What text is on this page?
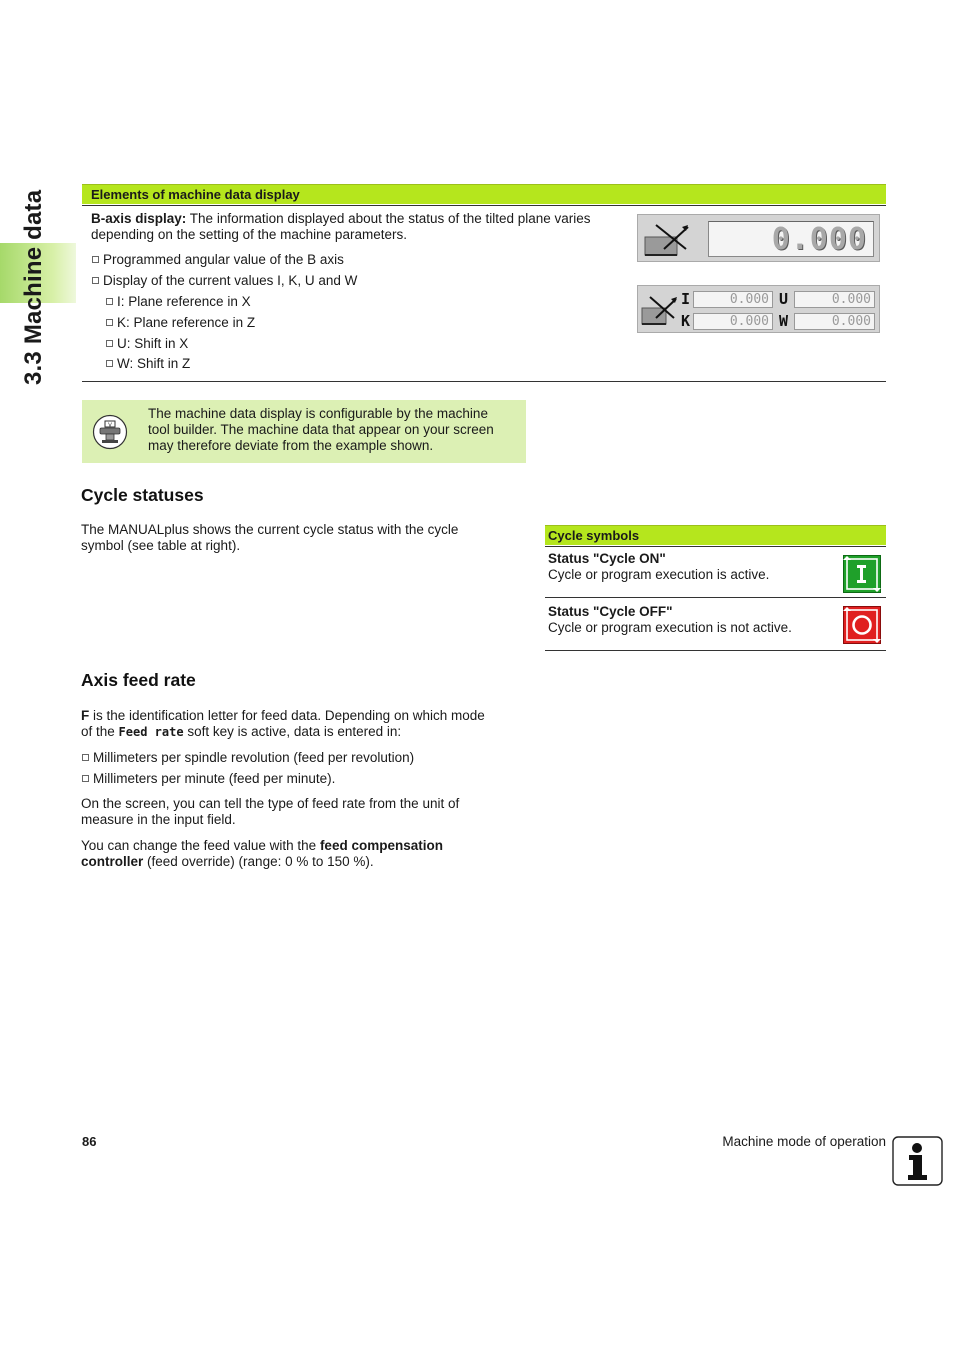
3.3 Machine data	Elements of machine data display
B-axis display: The information displayed about the status of the tilted plane varies
depending on the setting of the machine parameters.
Programmed angular value of the B axis
Display of the current values I, K, U and W
I: Plane reference in X
K: Plane reference in Z
U: Shift in X
W: Shift in Z
0.000
I	0.000 U	0.000
K	0.000 W	0.000
V
The machine data display is configurable by the machine
tool builder. The machine data that appear on your screen
may therefore deviate from the example shown.
Cycle statuses
The MANUALplus shows the current cycle status with the cycle
symbol (see table at right).
Cycle symbols
Status "Cycle ON"
Cycle or program execution is active.
Status "Cycle OFF"
Cycle or program execution is not active.
Axis feed rate
F is the identification letter for feed data. Depending on which mode
of the Feed rate soft key is active, data is entered in:
Millimeters per spindle revolution (feed per revolution)
Millimeters per minute (feed per minute).
On the screen, you can tell the type of feed rate from the unit of
measure in the input field.
You can change the feed value with the feed compensation
controller (feed override) (range: 0 % to 150 %).
86	Machine mode of operation
